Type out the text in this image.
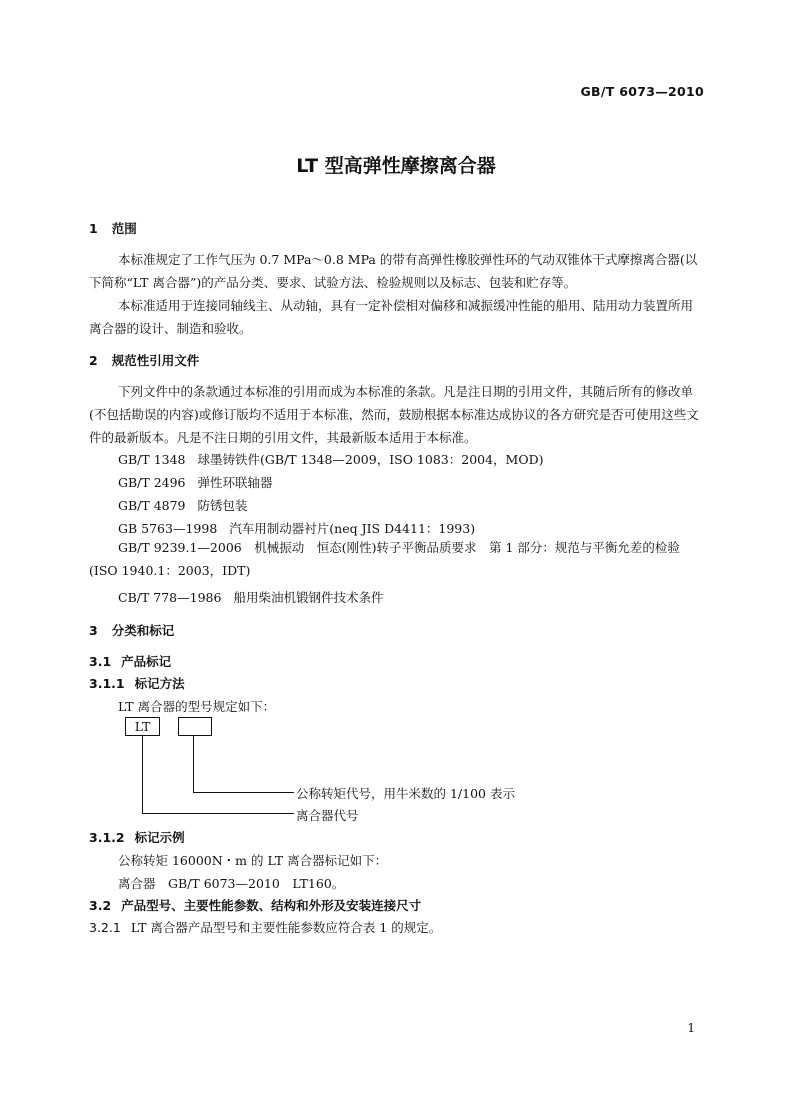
GB/T 6073—2010
LT 型高弹性摩擦离合器
1 范围
本标准规定了工作气压为 0.7 MPa～0.8 MPa 的带有高弹性橡胶弹性环的气动双锥体干式摩擦离合器(以下简称“LT 离合器”)的产品分类、要求、试验方法、检验规则以及标志、包装和贮存等。
本标准适用于连接同轴线主、从动轴，具有一定补偿相对偏移和减振缓冲性能的船用、陆用动力装置所用离合器的设计、制造和验收。
2 规范性引用文件
下列文件中的条款通过本标准的引用而成为本标准的条款。凡是注日期的引用文件，其随后所有的修改单(不包括勘误的内容)或修订版均不适用于本标准，然而，鼓励根据本标准达成协议的各方研究是否可使用这些文件的最新版本。凡是不注日期的引用文件，其最新版本适用于本标准。
GB/T 1348 球墨铸铁件(GB/T 1348—2009，ISO 1083：2004，MOD)
GB/T 2496 弹性环联轴器
GB/T 4879 防锈包装
GB 5763—1998 汽车用制动器衬片(neq JIS D4411：1993)
GB/T 9239.1—2006　机械振动　恒态(刚性)转子平衡品质要求　第 1 部分：规范与平衡允差的检验(ISO 1940.1：2003，IDT)
CB/T 778—1986 船用柴油机锻钢件技术条件
3 分类和标记
3.1 产品标记
3.1.1 标记方法
LT 离合器的型号规定如下：
LT
公称转矩代号，用牛米数的 1/100 表示
离合器代号
3.1.2 标记示例
公称转矩 16000N・m 的 LT 离合器标记如下：
离合器　GB/T 6073—2010　LT160。
3.2 产品型号、主要性能参数、结构和外形及安装连接尺寸
3.2.1 LT 离合器产品型号和主要性能参数应符合表 1 的规定。
1
